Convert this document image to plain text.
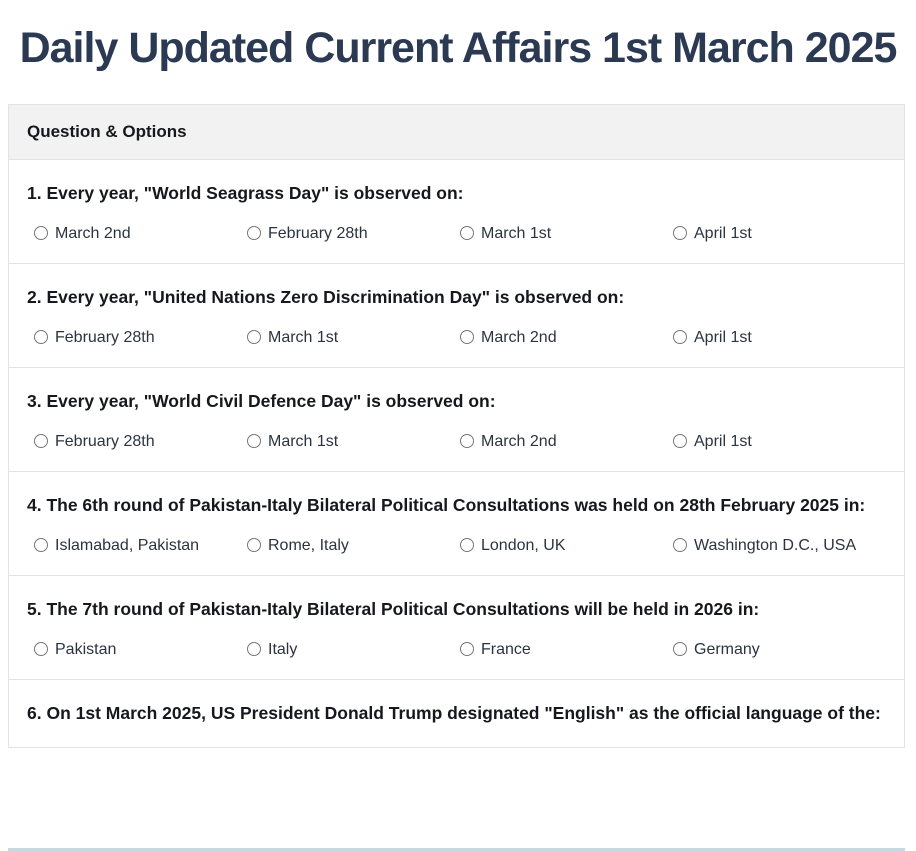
Daily Updated Current Affairs 1st March 2025
Question & Options
1. Every year, "World Seagrass Day" is observed on:
March 2nd	February 28th	March 1st	April 1st
2. Every year, "United Nations Zero Discrimination Day" is observed on:
February 28th	March 1st	March 2nd	April 1st
3. Every year, "World Civil Defence Day" is observed on:
February 28th	March 1st	March 2nd	April 1st
4. The 6th round of Pakistan-Italy Bilateral Political Consultations was held on 28th February 2025 in:
Islamabad, Pakistan	Rome, Italy	London, UK	Washington D.C., USA
5. The 7th round of Pakistan-Italy Bilateral Political Consultations will be held in 2026 in:
Pakistan	Italy	France	Germany
6. On 1st March 2025, US President Donald Trump designated "English" as the official language of the:
